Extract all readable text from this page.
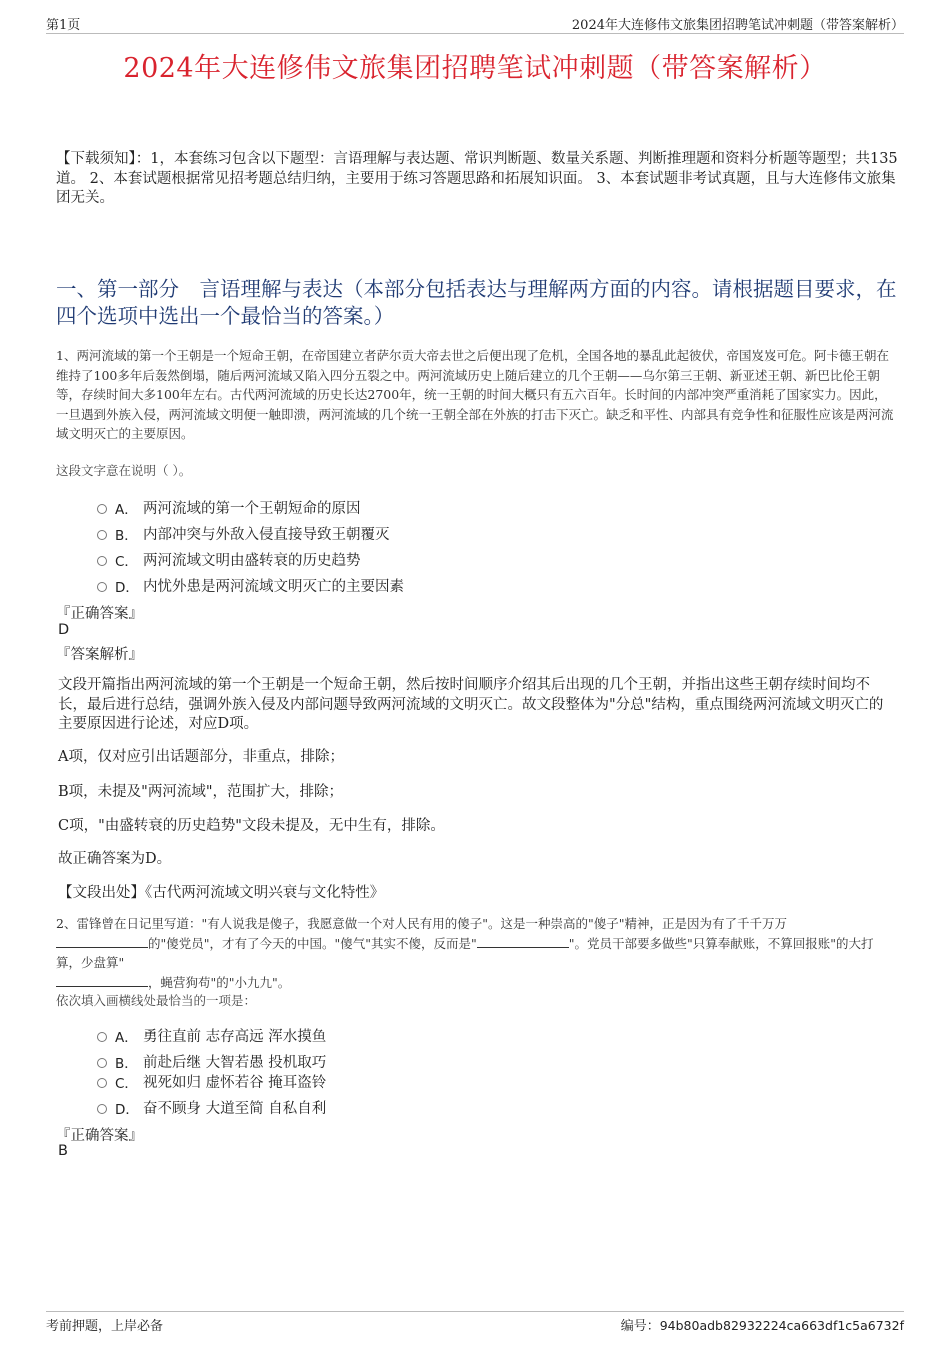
第1页	2024年大连修伟文旅集团招聘笔试冲刺题（带答案解析）
2024年大连修伟文旅集团招聘笔试冲刺题（带答案解析）
【下载须知】：1，本套练习包含以下题型：言语理解与表达题、常识判断题、数量关系题、判断推理题和资料分析题等题型；共135道。 2、本套试题根据常见招考题总结归纳，主要用于练习答题思路和拓展知识面。 3、本套试题非考试真题，且与大连修伟文旅集团无关。
一、第一部分　言语理解与表达（本部分包括表达与理解两方面的内容。请根据题目要求，在四个选项中选出一个最恰当的答案。）
1、两河流域的第一个王朝是一个短命王朝，在帝国建立者萨尔贡大帝去世之后便出现了危机，全国各地的暴乱此起彼伏，帝国岌岌可危。阿卡德王朝在维持了100多年后轰然倒塌，随后两河流域又陷入四分五裂之中。两河流域历史上随后建立的几个王朝——乌尔第三王朝、新亚述王朝、新巴比伦王朝等，存续时间大多100年左右。古代两河流域的历史长达2700年，统一王朝的时间大概只有五六百年。长时间的内部冲突严重消耗了国家实力。因此，一旦遇到外族入侵，两河流域文明便一触即溃，两河流域的几个统一王朝全部在外族的打击下灭亡。缺乏和平性、内部具有竞争性和征服性应该是两河流域文明灭亡的主要原因。
这段文字意在说明（ ）。
A． 两河流域的第一个王朝短命的原因
B． 内部冲突与外敌入侵直接导致王朝覆灭
C． 两河流域文明由盛转衰的历史趋势
D． 内忧外患是两河流域文明灭亡的主要因素
『正确答案』
D
『答案解析』
文段开篇指出两河流域的第一个王朝是一个短命王朝，然后按时间顺序介绍其后出现的几个王朝，并指出这些王朝存续时间均不长，最后进行总结，强调外族入侵及内部问题导致两河流域的文明灭亡。故文段整体为"分总"结构，重点围绕两河流域文明灭亡的主要原因进行论述，对应D项。
A项，仅对应引出话题部分，非重点，排除；
B项，未提及"两河流域"，范围扩大，排除；
C项，"由盛转衰的历史趋势"文段未提及，无中生有，排除。
故正确答案为D。
【文段出处】《古代两河流域文明兴衰与文化特性》
2、雷锋曾在日记里写道："有人说我是傻子，我愿意做一个对人民有用的傻子"。这是一种崇高的"傻子"精神，正是因为有了千千万万
的"傻党员"，才有了今天的中国。"傻气"其实不傻，反而是"	"。党员干部要多做些"只算奉献账，不算回报账"的大打算，少盘算"
，蝇营狗苟"的"小九九"。
依次填入画横线处最恰当的一项是：
A． 勇往直前 志存高远 浑水摸鱼
B． 前赴后继 大智若愚 投机取巧
C． 视死如归 虚怀若谷 掩耳盗铃
D． 奋不顾身 大道至简 自私自利
『正确答案』
B
考前押题，上岸必备	编号：94b80adb82932224ca663df1c5a6732f
